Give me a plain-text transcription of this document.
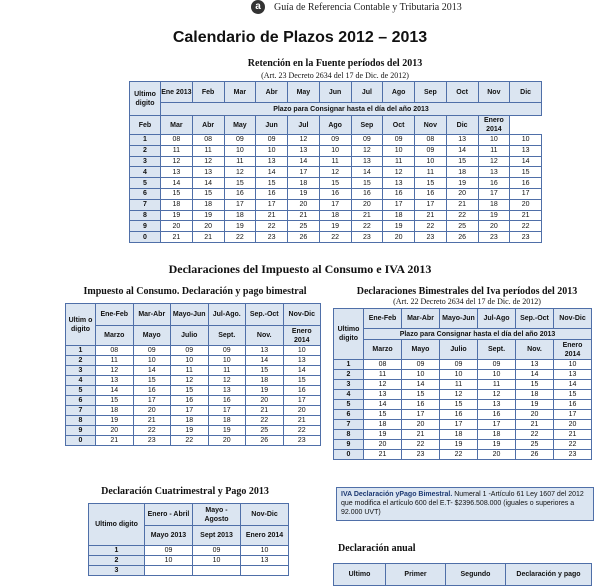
a	Guía de Referencia Contable y Tributaria 2013
Calendario de Plazos 2012 – 2013
Retención en la Fuente períodos del 2013
(Art. 23 Decreto 2634 del 17 de Dic. de 2012)
Ultimo digito	Ene 2013	Feb	Mar	Abr	May	Jun	Jul	Ago	Sep	Oct	Nov	Dic

	Plazo para Consignar hasta el día del año 2013											
Feb	Mar	Abr	May	Jun	Jul	Ago	Sep	Oct	Nov	Dic	Enero 2014	
1	08	08	09	09	12	09	09	09	08	13	10	10
2	11	11	10	10	13	10	12	10	09	14	11	13
3	12	12	11	13	14	11	13	11	10	15	12	14
4	13	13	12	14	17	12	14	12	11	18	13	15
5	14	14	15	15	18	15	15	13	15	19	16	16
6	15	15	16	16	19	16	16	16	16	20	17	17
7	18	18	17	17	20	17	20	17	17	21	18	20
8	19	19	18	21	21	18	21	18	21	22	19	21
9	20	20	19	22	25	19	22	19	22	25	20	22
0	21	21	22	23	26	22	23	20	23	26	23	23
Declaraciones del Impuesto al Consumo e IVA 2013
Impuesto al Consumo. Declaración y pago bimestral
Ultim o digito	Ene-Feb	Mar-Abr	Mayo-Jun	Jul-Ago.	Sep.-Oct	Nov-Dic
	Marzo	Mayo	Julio	Sept.	Nov.	Enero 2014
1	08	09	09	09	13	10
2	11	10	10	10	14	13
3	12	14	11	11	15	14
4	13	15	12	12	18	15
5	14	16	15	13	19	16
6	15	17	16	16	20	17
7	18	20	17	17	21	20
8	19	21	18	18	22	21
9	20	22	19	19	25	22
0	21	23	22	20	26	23
Declaraciones Bimestrales del Iva períodos del 2013
(Art. 22 Decreto 2634 del 17 de Dic. de 2012)
Ultimo digito	Ene-Feb	Mar-Abr	Mayo-Jun	Jul-Ago	Sep.-Oct	Nov-Dic
	Plazo para Consignar hasta el día del año 2013					
	Marzo	Mayo	Julio	Sept.	Nov.	Enero 2014
1	08	09	09	09	13	10
2	11	10	10	10	14	13
3	12	14	11	11	15	14
4	13	15	12	12	18	15
5	14	16	15	13	19	16
6	15	17	16	16	20	17
7	18	20	17	17	21	20
8	19	21	18	18	22	21
9	20	22	19	19	25	22
0	21	23	22	20	26	23
Declaración Cuatrimestral y Pago 2013
Ultimo digito	Enero - Abril	Mayo - Agosto	Nov-Dic
	Mayo 2013	Sept 2013	Enero 2014
1	09	09	10
2	10	10	13
3			
IVA Declaración yPago Bimestral. Numeral 1 -Artículo 61 Ley 1607 del 2012 que modifica el artículo 600 del E.T- $2396.508.000 (iguales o superiores a 92.000 UVT)
Declaración anual
Ultimo	Primer	Segundo	Declaración y pago
